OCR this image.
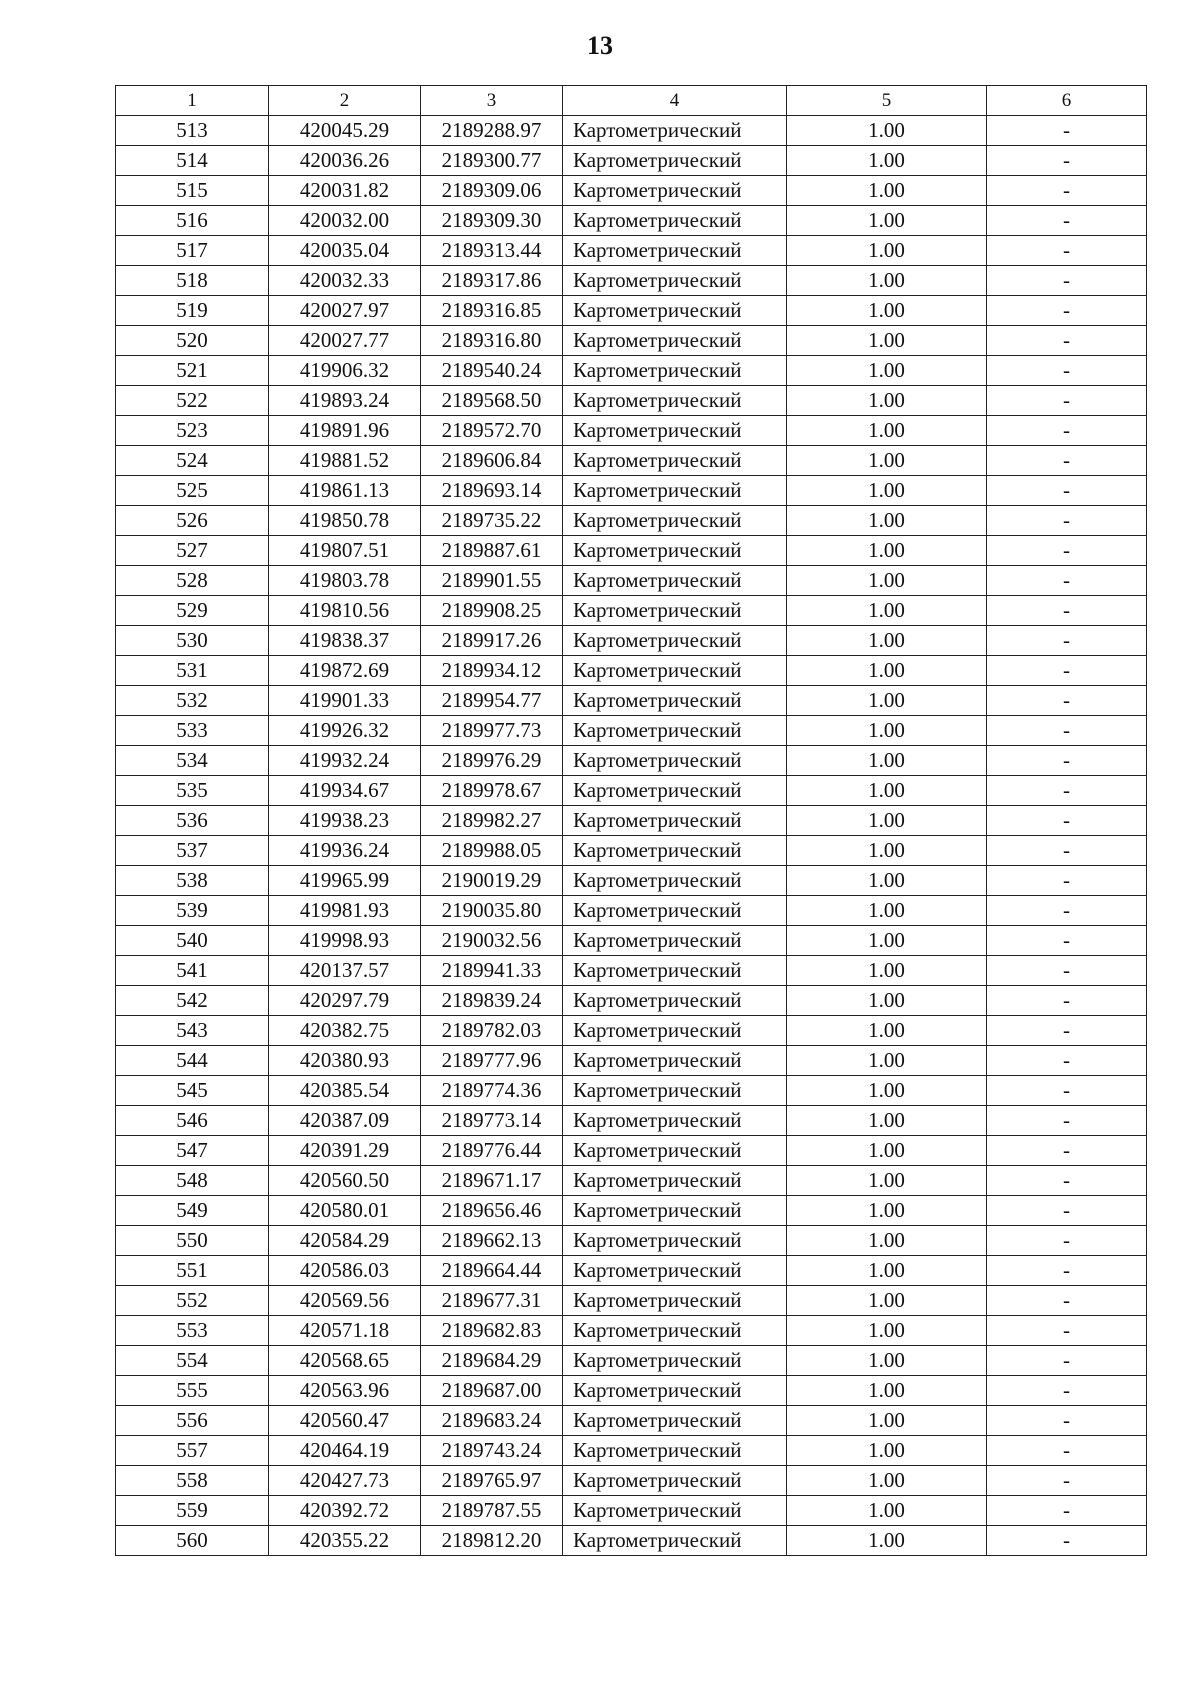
13
1	2	3	4	5	6
513	420045.29	2189288.97	Картометрический	1.00	-
514	420036.26	2189300.77	Картометрический	1.00	-
515	420031.82	2189309.06	Картометрический	1.00	-
516	420032.00	2189309.30	Картометрический	1.00	-
517	420035.04	2189313.44	Картометрический	1.00	-
518	420032.33	2189317.86	Картометрический	1.00	-
519	420027.97	2189316.85	Картометрический	1.00	-
520	420027.77	2189316.80	Картометрический	1.00	-
521	419906.32	2189540.24	Картометрический	1.00	-
522	419893.24	2189568.50	Картометрический	1.00	-
523	419891.96	2189572.70	Картометрический	1.00	-
524	419881.52	2189606.84	Картометрический	1.00	-
525	419861.13	2189693.14	Картометрический	1.00	-
526	419850.78	2189735.22	Картометрический	1.00	-
527	419807.51	2189887.61	Картометрический	1.00	-
528	419803.78	2189901.55	Картометрический	1.00	-
529	419810.56	2189908.25	Картометрический	1.00	-
530	419838.37	2189917.26	Картометрический	1.00	-
531	419872.69	2189934.12	Картометрический	1.00	-
532	419901.33	2189954.77	Картометрический	1.00	-
533	419926.32	2189977.73	Картометрический	1.00	-
534	419932.24	2189976.29	Картометрический	1.00	-
535	419934.67	2189978.67	Картометрический	1.00	-
536	419938.23	2189982.27	Картометрический	1.00	-
537	419936.24	2189988.05	Картометрический	1.00	-
538	419965.99	2190019.29	Картометрический	1.00	-
539	419981.93	2190035.80	Картометрический	1.00	-
540	419998.93	2190032.56	Картометрический	1.00	-
541	420137.57	2189941.33	Картометрический	1.00	-
542	420297.79	2189839.24	Картометрический	1.00	-
543	420382.75	2189782.03	Картометрический	1.00	-
544	420380.93	2189777.96	Картометрический	1.00	-
545	420385.54	2189774.36	Картометрический	1.00	-
546	420387.09	2189773.14	Картометрический	1.00	-
547	420391.29	2189776.44	Картометрический	1.00	-
548	420560.50	2189671.17	Картометрический	1.00	-
549	420580.01	2189656.46	Картометрический	1.00	-
550	420584.29	2189662.13	Картометрический	1.00	-
551	420586.03	2189664.44	Картометрический	1.00	-
552	420569.56	2189677.31	Картометрический	1.00	-
553	420571.18	2189682.83	Картометрический	1.00	-
554	420568.65	2189684.29	Картометрический	1.00	-
555	420563.96	2189687.00	Картометрический	1.00	-
556	420560.47	2189683.24	Картометрический	1.00	-
557	420464.19	2189743.24	Картометрический	1.00	-
558	420427.73	2189765.97	Картометрический	1.00	-
559	420392.72	2189787.55	Картометрический	1.00	-
560	420355.22	2189812.20	Картометрический	1.00	-
